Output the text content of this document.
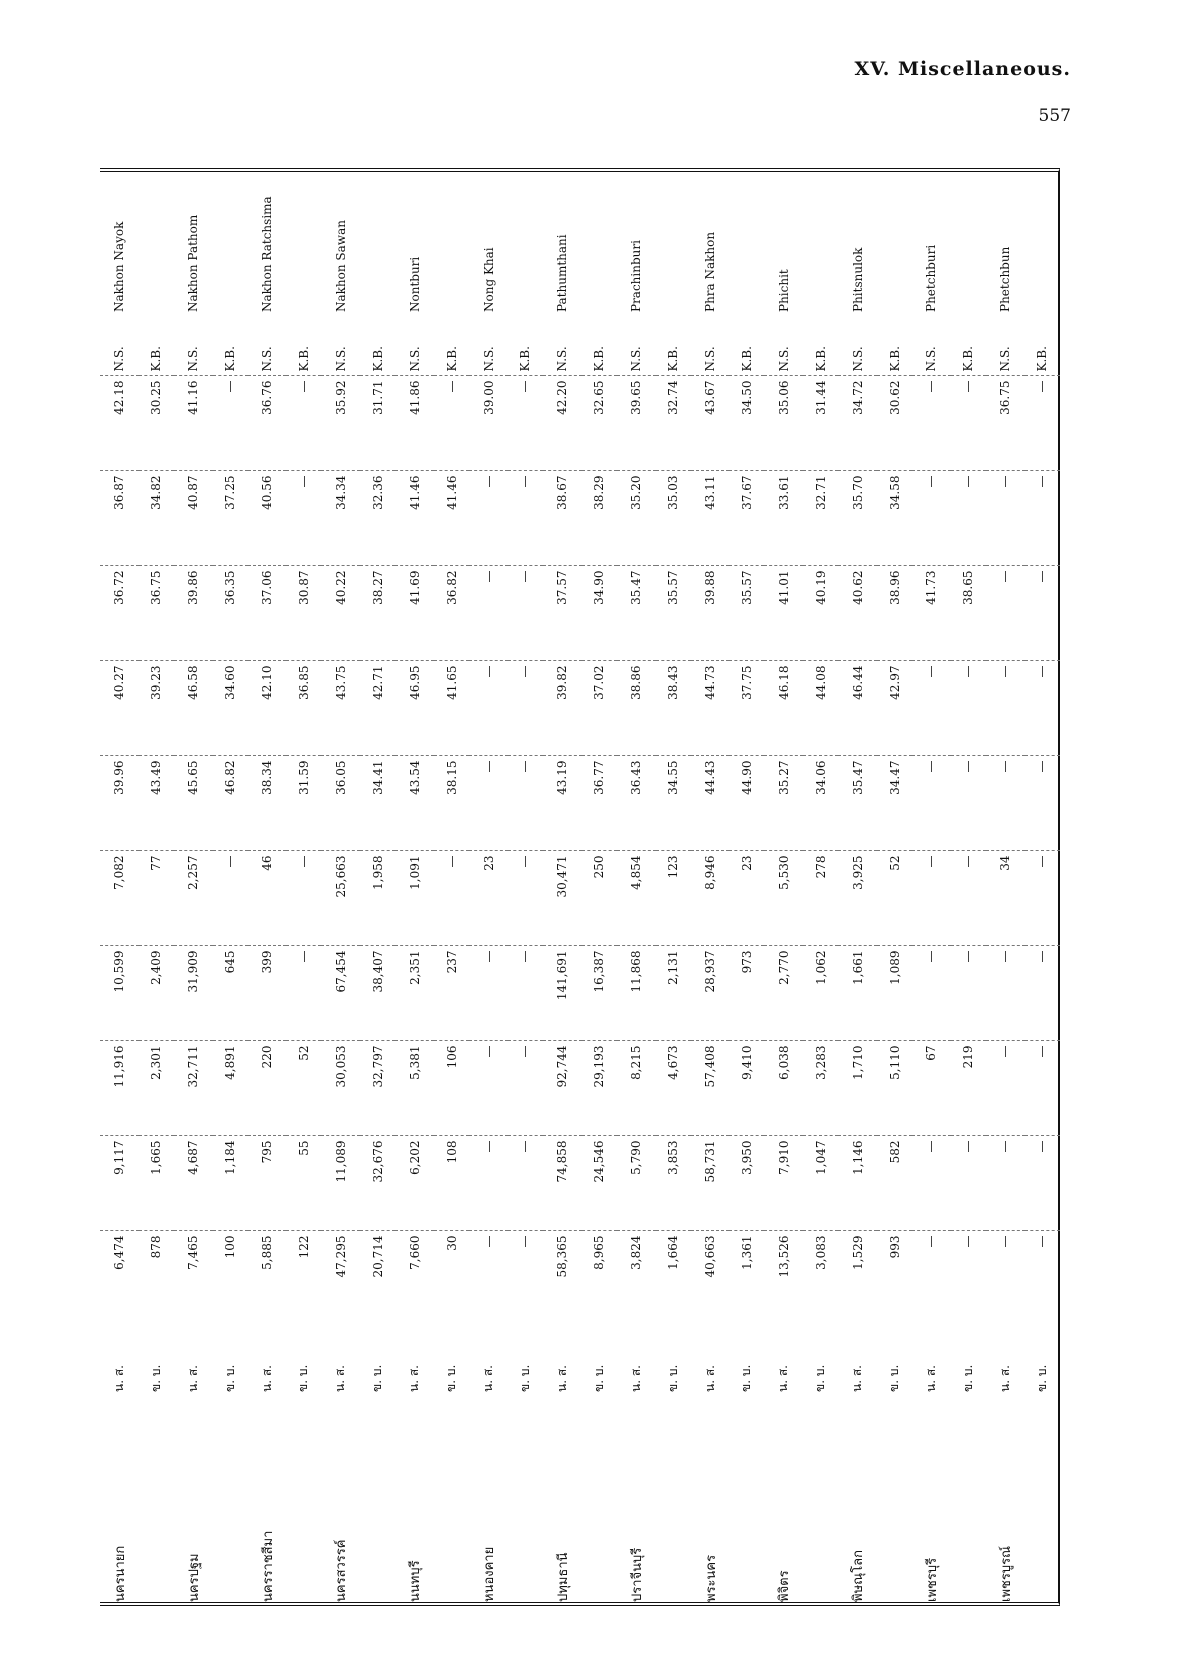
XV. Miscellaneous.
557
นครนายก	น. ส.	6,474	9,117	11,916	10,599	7,082	39.96	40.27	36.72	36.87	42.18	N.S.	Nakhon Nayok
	ข. บ.	878	1,665	2,301	2,409	77	43.49	39.23	36.75	34.82	30.25	K.B.	
นครปฐม	น. ส.	7,465	4,687	32,711	31,909	2,257	45.65	46.58	39.86	40.87	41.16	N.S.	Nakhon Pathom
	ข. บ.	100	1,184	4,891	645	—	46.82	34.60	36.35	37.25	—	K.B.	
นครราชสีมา	น. ส.	5,885	795	220	399	46	38.34	42.10	37.06	40.56	36.76	N.S.	Nakhon Ratchsima
	ข. บ.	122	55	52	—	—	31.59	36.85	30.87	—	—	K.B.	
นครสวรรค์	น. ส.	47,295	11,089	30,053	67,454	25,663	36.05	43.75	40.22	34.34	35.92	N.S.	Nakhon Sawan
	ข. บ.	20,714	32,676	32,797	38,407	1,958	34.41	42.71	38.27	32.36	31.71	K.B.	
นนทบุรี	น. ส.	7,660	6,202	5,381	2,351	1,091	43.54	46.95	41.69	41.46	41.86	N.S.	Nontburi
	ข. บ.	30	108	106	237	—	38.15	41.65	36.82	41.46	—	K.B.	
หนองคาย	น. ส.	—	—	—	—	23	—	—	—	—	39.00	N.S.	Nong Khai
	ข. บ.	—	—	—	—	—	—	—	—	—	—	K.B.	
ปทุมธานี	น. ส.	58,365	74,858	92,744	141,691	30,471	43.19	39.82	37.57	38.67	42.20	N.S.	Pathumthani
	ข. บ.	8,965	24,546	29,193	16,387	250	36.77	37.02	34.90	38.29	32.65	K.B.	
ปราจีนบุรี	น. ส.	3,824	5,790	8,215	11,868	4,854	36.43	38.86	35.47	35.20	39.65	N.S.	Prachinburi
	ข. บ.	1,664	3,853	4,673	2,131	123	34.55	38.43	35.57	35.03	32.74	K.B.	
พระนคร	น. ส.	40,663	58,731	57,408	28,937	8,946	44.43	44.73	39.88	43.11	43.67	N.S.	Phra Nakhon
	ข. บ.	1,361	3,950	9,410	973	23	44.90	37.75	35.57	37.67	34.50	K.B.	
พิจิตร	น. ส.	13,526	7,910	6,038	2,770	5,530	35.27	46.18	41.01	33.61	35.06	N.S.	Phichit
	ข. บ.	3,083	1,047	3,283	1,062	278	34.06	44.08	40.19	32.71	31.44	K.B.	
พิษณุโลก	น. ส.	1,529	1,146	1,710	1,661	3,925	35.47	46.44	40.62	35.70	34.72	N.S.	Phitsnulok
	ข. บ.	993	582	5,110	1,089	52	34.47	42.97	38.96	34.58	30.62	K.B.	
เพชรบุรี	น. ส.	—	—	67	—	—	—	—	41.73	—	—	N.S.	Phetchburi
	ข. บ.	—	—	219	—	—	—	—	38.65	—	—	K.B.	
เพชรบูรณ์	น. ส.	—	—	—	—	34	—	—	—	—	36.75	N.S.	Phetchbun
	ข. บ.	—	—	—	—	—	—	—	—	—	—	K.B.	
